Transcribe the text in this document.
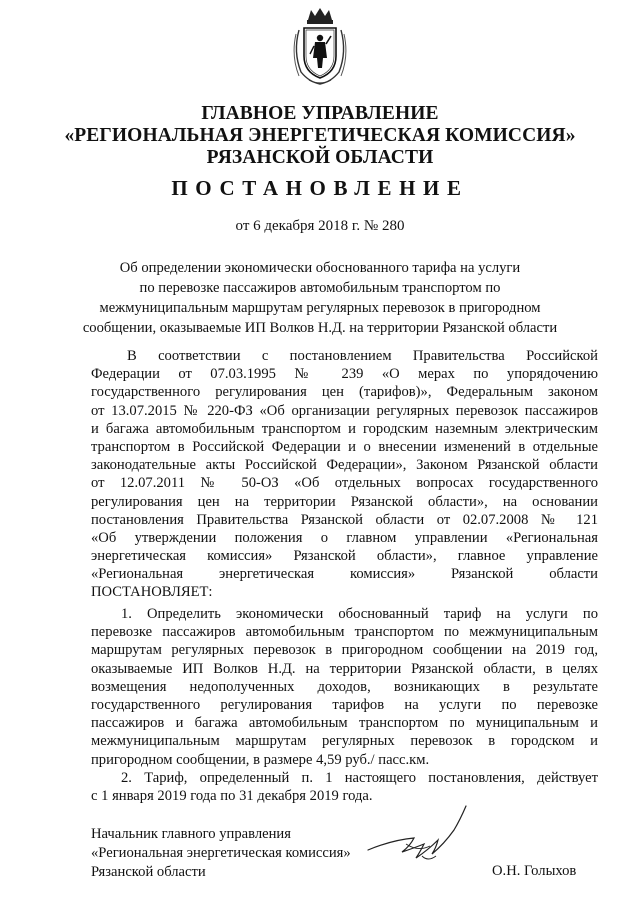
ГЛАВНОЕ УПРАВЛЕНИЕ
«РЕГИОНАЛЬНАЯ ЭНЕРГЕТИЧЕСКАЯ КОМИССИЯ»
РЯЗАНСКОЙ ОБЛАСТИ
ПОСТАНОВЛЕНИЕ
от 6 декабря 2018 г. № 280
Об определении экономически обоснованного тарифа на услуги
по перевозке пассажиров автомобильным транспортом по
межмуниципальным маршрутам регулярных перевозок в пригородном
сообщении, оказываемые ИП Волков Н.Д. на территории Рязанской области
В соответствии с постановлением Правительства Российской
Федерации от 07.03.1995 № 239 «О мерах по упорядочению
государственного регулирования цен (тарифов)», Федеральным законом
от 13.07.2015 № 220-ФЗ «Об организации регулярных перевозок пассажиров
и багажа автомобильным транспортом и городским наземным электрическим
транспортом в Российской Федерации и о внесении изменений в отдельные
законодательные акты Российской Федерации», Законом Рязанской области
от 12.07.2011 № 50-ОЗ «Об отдельных вопросах государственного
регулирования цен на территории Рязанской области», на основании
постановления Правительства Рязанской области от 02.07.2008 № 121
«Об утверждении положения о главном управлении «Региональная
энергетическая комиссия» Рязанской области», главное управление
«Региональная энергетическая комиссия» Рязанской области
ПОСТАНОВЛЯЕТ:
1. Определить экономически обоснованный тариф на услуги по
перевозке пассажиров автомобильным транспортом по межмуниципальным
маршрутам регулярных перевозок в пригородном сообщении на 2019 год,
оказываемые ИП Волков Н.Д. на территории Рязанской области, в целях
возмещения недополученных доходов, возникающих в результате
государственного регулирования тарифов на услуги по перевозке
пассажиров и багажа автомобильным транспортом по муниципальным и
межмуниципальным маршрутам регулярных перевозок в городском и
пригородном сообщении, в размере 4,59 руб./ пасс.км.
2. Тариф, определенный п. 1 настоящего постановления, действует
с 1 января 2019 года по 31 декабря 2019 года.
Начальник главного управления
«Региональная энергетическая комиссия»
Рязанской области	О.Н. Голыхов
